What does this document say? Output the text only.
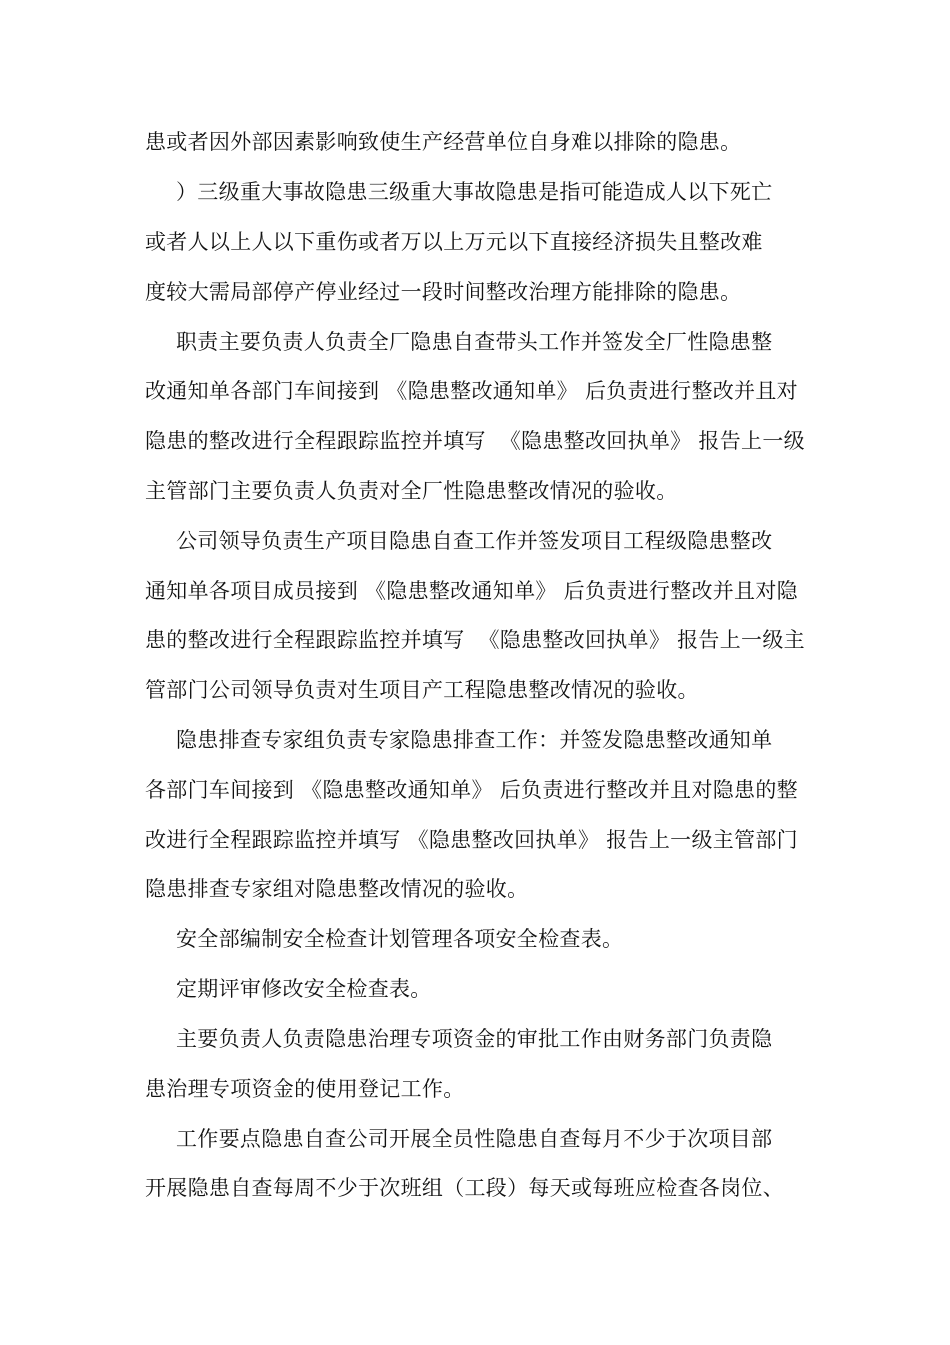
患或者因外部因素影响致使生产经营单位自身难以排除的隐患。
）三级重大事故隐患三级重大事故隐患是指可能造成人以下死亡
或者人以上人以下重伤或者万以上万元以下直接经济损失且整改难
度较大需局部停产停业经过一段时间整改治理方能排除的隐患。
职责主要负责人负责全厂隐患自查带头工作并签发全厂性隐患整
改通知单各部门车间接到 《隐患整改通知单》 后负责进行整改并且对
隐患的整改进行全程跟踪监控并填写  《隐患整改回执单》 报告上一级
主管部门主要负责人负责对全厂性隐患整改情况的验收。
公司领导负责生产项目隐患自查工作并签发项目工程级隐患整改
通知单各项目成员接到 《隐患整改通知单》 后负责进行整改并且对隐
患的整改进行全程跟踪监控并填写  《隐患整改回执单》 报告上一级主
管部门公司领导负责对生项目产工程隐患整改情况的验收。
隐患排查专家组负责专家隐患排查工作：并签发隐患整改通知单
各部门车间接到 《隐患整改通知单》 后负责进行整改并且对隐患的整
改进行全程跟踪监控并填写 《隐患整改回执单》 报告上一级主管部门
隐患排查专家组对隐患整改情况的验收。
安全部编制安全检查计划管理各项安全检查表。
定期评审修改安全检查表。
主要负责人负责隐患治理专项资金的审批工作由财务部门负责隐
患治理专项资金的使用登记工作。
工作要点隐患自查公司开展全员性隐患自查每月不少于次项目部
开展隐患自查每周不少于次班组（工段）每天或每班应检查各岗位、
